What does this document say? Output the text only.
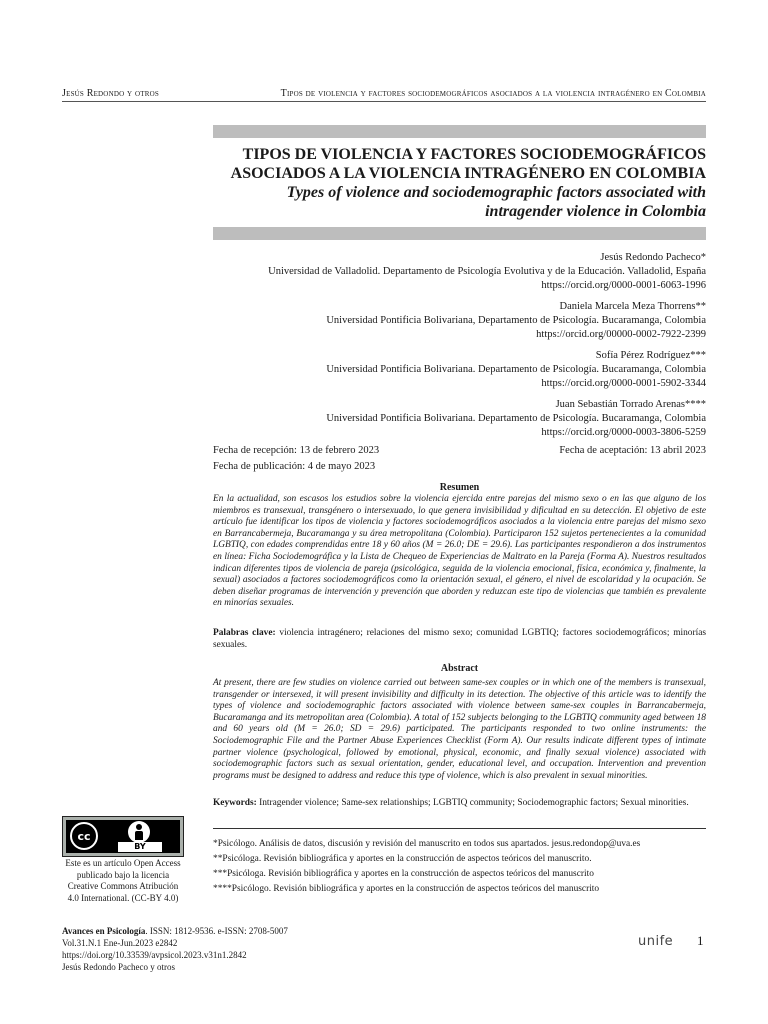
Jesús Redondo y otros	Tipos de violencia y factores sociodemográficos asociados a la violencia intragénero en Colombia
TIPOS DE VIOLENCIA Y FACTORES SOCIODEMOGRÁFICOS
ASOCIADOS A LA VIOLENCIA INTRAGÉNERO EN COLOMBIA
Types of violence and sociodemographic factors associated with
intragender violence in Colombia
Jesús Redondo Pacheco*
Universidad de Valladolid. Departamento de Psicología Evolutiva y de la Educación. Valladolid, España
https://orcid.org/0000-0001-6063-1996
Daniela Marcela Meza Thorrens**
Universidad Pontificia Bolivariana, Departamento de Psicología. Bucaramanga, Colombia
https://orcid.org/00000-0002-7922-2399
Sofía Pérez Rodríguez***
Universidad Pontificia Bolivariana. Departamento de Psicología. Bucaramanga, Colombia
https://orcid.org/0000-0001-5902-3344
Juan Sebastián Torrado Arenas****
Universidad Pontificia Bolivariana. Departamento de Psicología. Bucaramanga, Colombia
https://orcid.org/0000-0003-3806-5259
Fecha de recepción: 13 de febrero 2023	Fecha de aceptación: 13 abril 2023
Fecha de publicación: 4 de mayo 2023
Resumen
En la actualidad, son escasos los estudios sobre la violencia ejercida entre parejas del mismo sexo o en las que alguno de los miembros es transexual, transgénero o intersexuado, lo que genera invisibilidad y dificultad en su detección. El objetivo de este artículo fue identificar los tipos de violencia y factores sociodemográficos asociados a la violencia entre parejas del mismo sexo en Barrancabermeja, Bucaramanga y su área metropolitana (Colombia). Participaron 152 sujetos pertenecientes a la comunidad LGBTIQ, con edades comprendidas entre 18 y 60 años (M = 26.0; DE = 29.6). Las participantes respondieron a dos instrumentos en línea: Ficha Sociodemográfica y la Lista de Chequeo de Experiencias de Maltrato en la Pareja (Forma A). Nuestros resultados indican diferentes tipos de violencia de pareja (psicológica, seguida de la violencia emocional, física, económica y, finalmente, la sexual) asociados a factores sociodemográficos como la orientación sexual, el género, el nivel de escolaridad y la ocupación. Se deben diseñar programas de intervención y prevención que aborden y reduzcan este tipo de violencias que también es prevalente en minorías sexuales.
Palabras clave: violencia intragénero; relaciones del mismo sexo; comunidad LGBTIQ; factores sociodemográficos; minorías sexuales.
Abstract
At present, there are few studies on violence carried out between same-sex couples or in which one of the members is transexual, transgender or intersexed, it will present invisibility and difficulty in its detection. The objective of this article was to identify the types of violence and sociodemographic factors associated with violence between same-sex couples in Barrancabermeja, Bucaramanga and its metropolitan area (Colombia). A total of 152 subjects belonging to the LGBTIQ community aged between 18 and 60 years old (M = 26.0; SD = 29.6) participated. The participants responded to two online instruments: the Sociodemographic File and the Partner Abuse Experiences Checklist (Form A). Our results indicate different types of intimate partner violence (psychological, followed by emotional, physical, economic, and finally sexual violence) associated with sociodemographic factors such as sexual orientation, gender, educational level, and occupation. Intervention and prevention programs must be designed to address and reduce this type of violence, which is also prevalent in sexual minorities.
Keywords: Intragender violence; Same-sex relationships; LGBTIQ community; Sociodemographic factors; Sexual minorities.
*Psicólogo. Análisis de datos, discusión y revisión del manuscrito en todos sus apartados. jesus.redondop@uva.es
**Psicóloga. Revisión bibliográfica y aportes en la construcción de aspectos teóricos del manuscrito.
***Psicóloga. Revisión bibliográfica y aportes en la construcción de aspectos teóricos del manuscrito
****Psicólogo. Revisión bibliográfica y aportes en la construcción de aspectos teóricos del manuscrito
cc
BY
Este es un artículo Open Access publicado bajo la licencia Creative Commons Atribución 4.0 International. (CC-BY 4.0)
Avances en Psicología. ISSN: 1812-9536. e-ISSN: 2708-5007
Vol.31.N.1 Ene-Jun.2023 e2842
https://doi.org/10.33539/avpsicol.2023.v31n1.2842
Jesús Redondo Pacheco y otros
unife 1
